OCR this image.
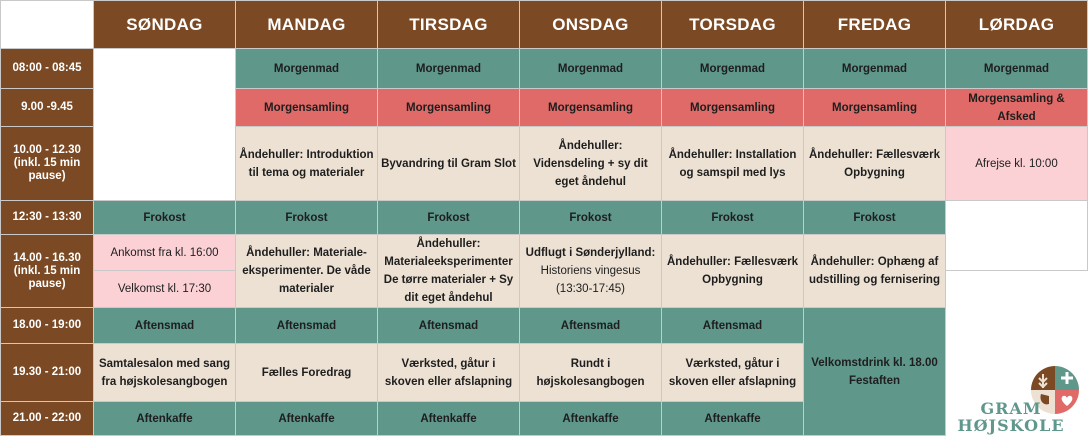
	SØNDAG	MANDAG	TIRSDAG	ONSDAG	TORSDAG	FREDAG	LØRDAG
08:00 - 08:45		Morgenmad	Morgenmad	Morgenmad	Morgenmad	Morgenmad	Morgenmad
9.00 -9.45		Morgensamling	Morgensamling	Morgensamling	Morgensamling	Morgensamling	Morgensamling & Afsked
10.00 - 12.30 (inkl. 15 min pause)		Åndehuller: Introduktion til tema og materialer	Byvandring til Gram Slot	Åndehuller: Vidensdeling + sy dit eget åndehul	Åndehuller: Installation og samspil med lys	Åndehuller: Fællesværk Opbygning	Afrejse kl. 10:00
12:30 - 13:30	Frokost	Frokost	Frokost	Frokost	Frokost	Frokost	
14.00 - 16.30 (inkl. 15 min pause)	Ankomst fra kl. 16:00	Åndehuller: Materiale-eksperimenter. De våde materialer	Åndehuller: Materialeeksperimenter De tørre materialer + Sy dit eget åndehul	Udflugt i Sønderjylland:
Historiens vingesus
(13:30-17:45)	Åndehuller: Fællesværk Opbygning	Åndehuller: Ophæng af udstilling og fernisering	
	Velkomst kl. 17:30						
18.00 - 19:00	Aftensmad	Aftensmad	Aftensmad	Aftensmad	Aftensmad	Velkomstdrink kl. 18.00
Festaften	

19.30 - 21:00	Samtalesalon med sang fra højskolesangbogen	Fælles Foredrag	Værksted, gåtur i skoven eller afslapning	Rundt i højskolesangbogen	Værksted, gåtur i skoven eller afslapning		
21.00 - 22:00	Aftenkaffe	Aftenkaffe	Aftenkaffe	Aftenkaffe	Aftenkaffe		
GRAM
HØJSKOLE
